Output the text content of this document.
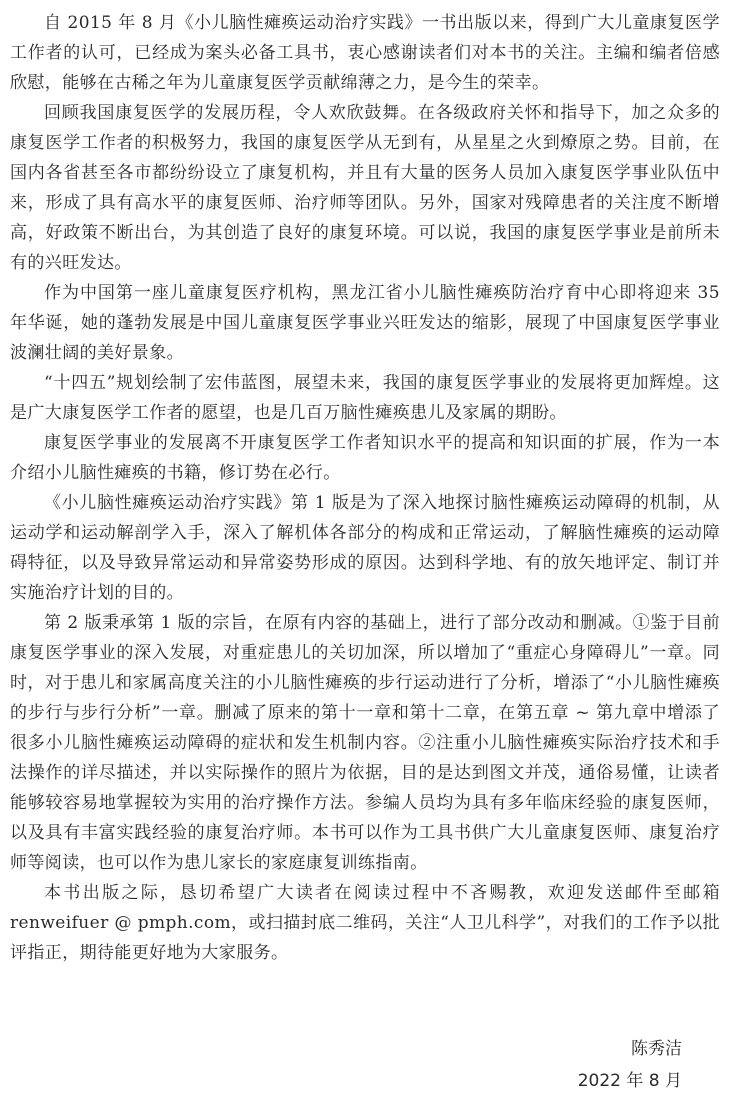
自 2015 年 8 月《小儿脑性瘫痪运动治疗实践》一书出版以来，得到广大儿童康复医学工作者的认可，已经成为案头必备工具书，衷心感谢读者们对本书的关注。主编和编者倍感欣慰，能够在古稀之年为儿童康复医学贡献绵薄之力，是今生的荣幸。

回顾我国康复医学的发展历程，令人欢欣鼓舞。在各级政府关怀和指导下，加之众多的康复医学工作者的积极努力，我国的康复医学从无到有，从星星之火到燎原之势。目前，在国内各省甚至各市都纷纷设立了康复机构，并且有大量的医务人员加入康复医学事业队伍中来，形成了具有高水平的康复医师、治疗师等团队。另外，国家对残障患者的关注度不断增高，好政策不断出台，为其创造了良好的康复环境。可以说，我国的康复医学事业是前所未有的兴旺发达。

作为中国第一座儿童康复医疗机构，黑龙江省小儿脑性瘫痪防治疗育中心即将迎来 35 年华诞，她的蓬勃发展是中国儿童康复医学事业兴旺发达的缩影，展现了中国康复医学事业波澜壮阔的美好景象。

“十四五”规划绘制了宏伟蓝图，展望未来，我国的康复医学事业的发展将更加辉煌。这是广大康复医学工作者的愿望，也是几百万脑性瘫痪患儿及家属的期盼。

康复医学事业的发展离不开康复医学工作者知识水平的提高和知识面的扩展，作为一本介绍小儿脑性瘫痪的书籍，修订势在必行。

《小儿脑性瘫痪运动治疗实践》第 1 版是为了深入地探讨脑性瘫痪运动障碍的机制，从运动学和运动解剖学入手，深入了解机体各部分的构成和正常运动，了解脑性瘫痪的运动障碍特征，以及导致异常运动和异常姿势形成的原因。达到科学地、有的放矢地评定、制订并实施治疗计划的目的。

第 2 版秉承第 1 版的宗旨，在原有内容的基础上，进行了部分改动和删减。①鉴于目前康复医学事业的深入发展，对重症患儿的关切加深，所以增加了“重症心身障碍儿”一章。同时，对于患儿和家属高度关注的小儿脑性瘫痪的步行运动进行了分析，增添了“小儿脑性瘫痪的步行与步行分析”一章。删减了原来的第十一章和第十二章，在第五章 ~ 第九章中增添了很多小儿脑性瘫痪运动障碍的症状和发生机制内容。②注重小儿脑性瘫痪实际治疗技术和手法操作的详尽描述，并以实际操作的照片为依据，目的是达到图文并茂，通俗易懂，让读者能够较容易地掌握较为实用的治疗操作方法。参编人员均为具有多年临床经验的康复医师，以及具有丰富实践经验的康复治疗师。本书可以作为工具书供广大儿童康复医师、康复治疗师等阅读，也可以作为患儿家长的家庭康复训练指南。

本书出版之际，恳切希望广大读者在阅读过程中不吝赐教，欢迎发送邮件至邮箱 renweifuer @ pmph.com，或扫描封底二维码，关注“人卫儿科学”，对我们的工作予以批评指正，期待能更好地为大家服务。

陈秀洁
2022 年 8 月
